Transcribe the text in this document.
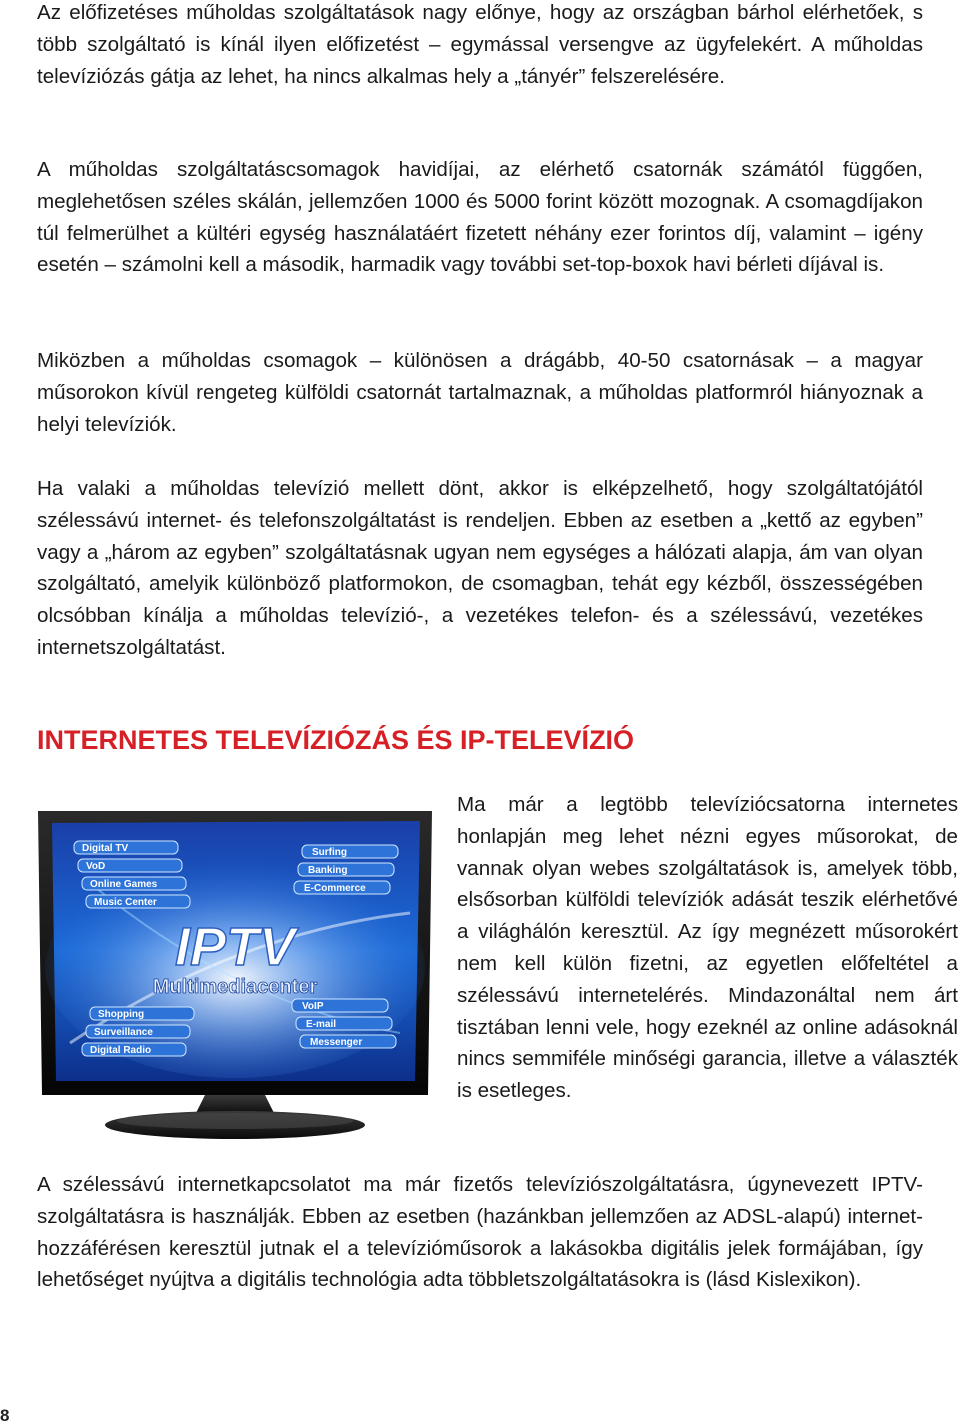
Az előfizetéses műholdas szolgáltatások nagy előnye, hogy az országban bárhol elérhetőek, s több szolgáltató is kínál ilyen előfizetést – egymással versengve az ügyfelekért. A műholdas televíziózás gátja az lehet, ha nincs alkalmas hely a „tányér” felszerelésére.

A műholdas szolgáltatáscsomagok havidíjai, az elérhető csatornák számától függően, meglehetősen széles skálán, jellemzően 1000 és 5000 forint között mozognak. A csomagdíjakon túl felmerülhet a kültéri egység használatáért fizetett néhány ezer forintos díj, valamint – igény esetén – számolni kell a második, harmadik vagy további set-top-boxok havi bérleti díjával is.

Miközben a műholdas csomagok – különösen a drágább, 40-50 csatornásak – a magyar műsorokon kívül rengeteg külföldi csatornát tartalmaznak, a műholdas platformról hiányoznak a helyi televíziók.

Ha valaki a műholdas televízió mellett dönt, akkor is elképzelhető, hogy szolgáltatójától szélessávú internet- és telefonszolgáltatást is rendeljen. Ebben az esetben a „kettő az egyben” vagy a „három az egyben” szolgáltatásnak ugyan nem egységes a hálózati alapja, ám van olyan szolgáltató, amelyik különböző platformokon, de csomagban, tehát egy kézből, összességében olcsóbban kínálja a műholdas televízió-, a vezetékes telefon- és a szélessávú, vezetékes internetszolgáltatást.

INTERNETES TELEVÍZIÓZÁS ÉS IP-TELEVÍZIÓ
Digital TV
VoD
Online Games
Music Center
Shopping
Surveillance
Digital Radio
Surfing
Banking
E-Commerce
VoIP
E-mail
Messenger
IPTV
Multimediacenter

Ma már a legtöbb televíziócsatorna internetes honlapján meg lehet nézni egyes műsorokat, de vannak olyan webes szolgáltatások is, amelyek több, elsősorban külföldi televíziók adását teszik elérhetővé a világhálón keresztül. Az így megnézett műsorokért nem kell külön fizetni, az egyetlen előfeltétel a szélessávú internetelérés. Mindazonáltal nem árt tisztában lenni vele, hogy ezeknél az online adásoknál nincs semmiféle minőségi garancia, illetve a választék is esetleges.

A szélessávú internetkapcsolatot ma már fizetős televíziószolgáltatásra, úgynevezett IPTV-szolgáltatásra is használják. Ebben az esetben (hazánkban jellemzően az ADSL-alapú) internet-hozzáférésen keresztül jutnak el a televízióműsorok a lakásokba digitális jelek formájában, így lehetőséget nyújtva a digitális technológia adta többletszolgáltatásokra is (lásd Kislexikon).

8
